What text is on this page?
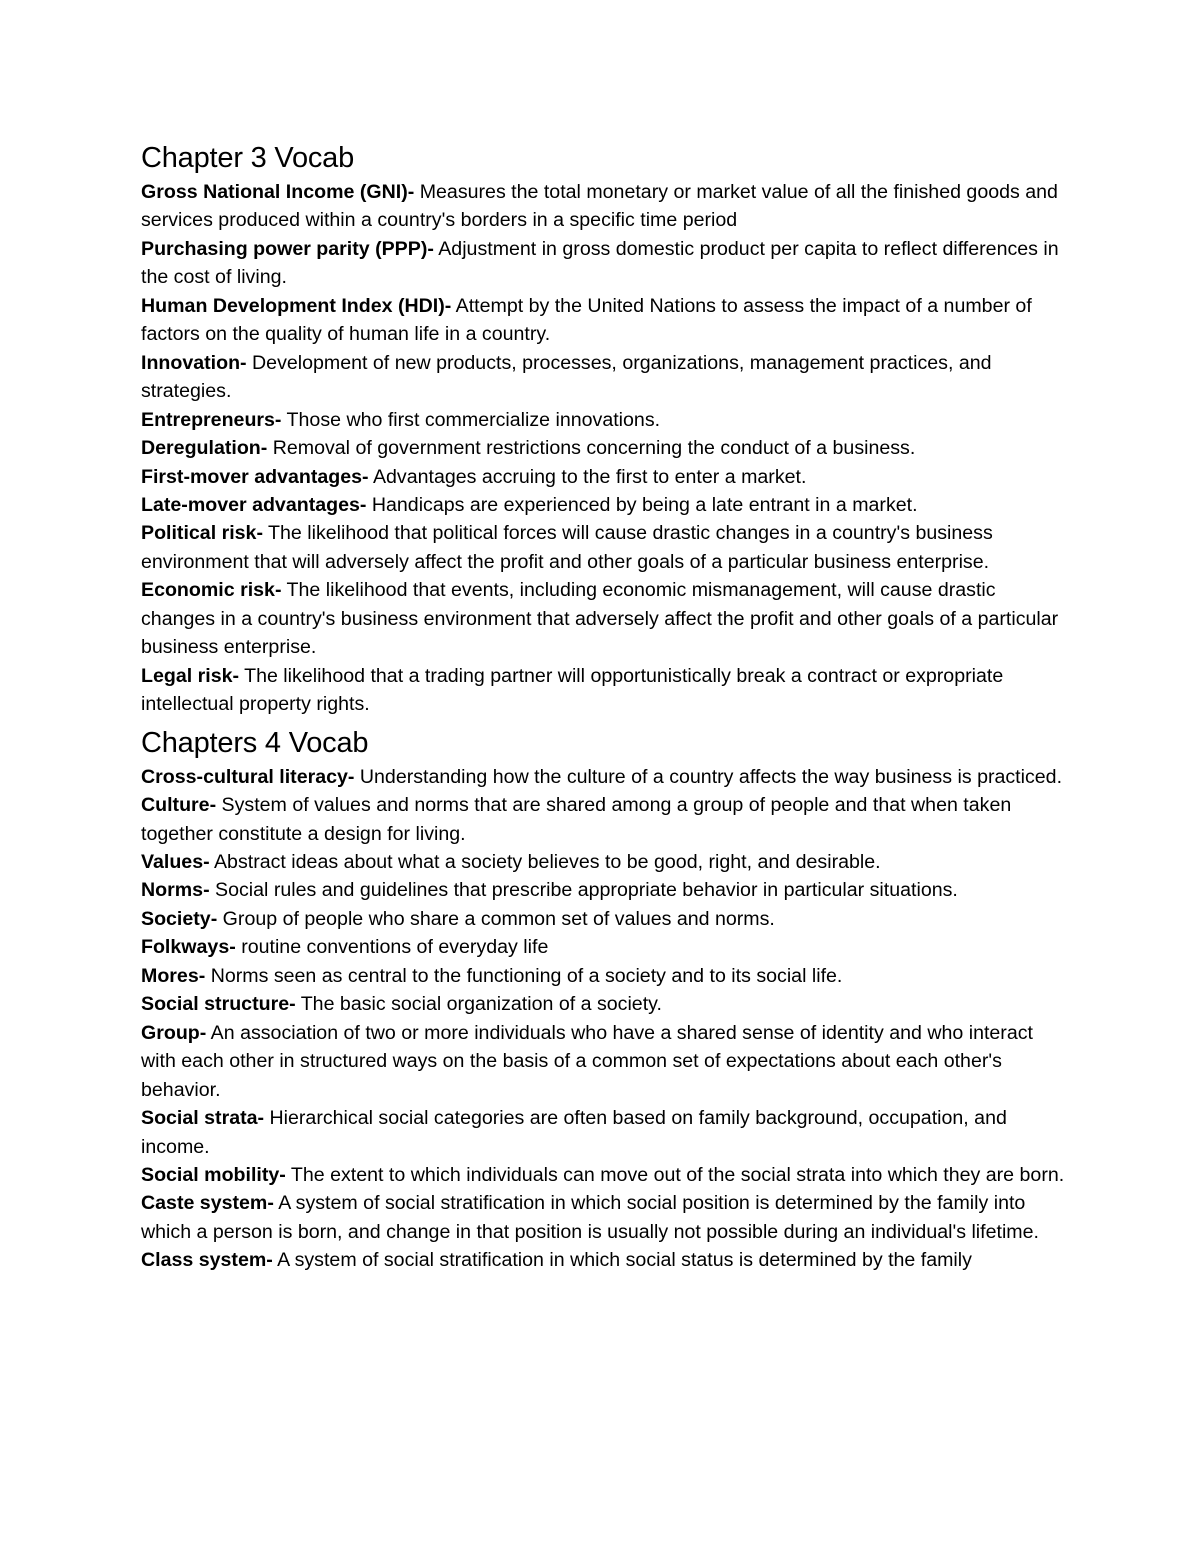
Chapter 3 Vocab

Gross National Income (GNI)- Measures the total monetary or market value of all the finished goods and services produced within a country's borders in a specific time period

Purchasing power parity (PPP)- Adjustment in gross domestic product per capita to reflect differences in the cost of living.

Human Development Index (HDI)- Attempt by the United Nations to assess the impact of a number of factors on the quality of human life in a country.

Innovation- Development of new products, processes, organizations, management practices, and strategies.

Entrepreneurs- Those who first commercialize innovations.

Deregulation- Removal of government restrictions concerning the conduct of a business.

First-mover advantages- Advantages accruing to the first to enter a market.

Late-mover advantages- Handicaps are experienced by being a late entrant in a market.

Political risk- The likelihood that political forces will cause drastic changes in a country's business environment that will adversely affect the profit and other goals of a particular business enterprise.

Economic risk- The likelihood that events, including economic mismanagement, will cause drastic changes in a country's business environment that adversely affect the profit and other goals of a particular business enterprise.

Legal risk- The likelihood that a trading partner will opportunistically break a contract or expropriate intellectual property rights.

Chapters 4 Vocab

Cross-cultural literacy- Understanding how the culture of a country affects the way business is practiced.

Culture- System of values and norms that are shared among a group of people and that when taken together constitute a design for living.

Values- Abstract ideas about what a society believes to be good, right, and desirable.

Norms- Social rules and guidelines that prescribe appropriate behavior in particular situations.

Society- Group of people who share a common set of values and norms.

Folkways- routine conventions of everyday life

Mores- Norms seen as central to the functioning of a society and to its social life.

Social structure- The basic social organization of a society.

Group- An association of two or more individuals who have a shared sense of identity and who interact with each other in structured ways on the basis of a common set of expectations about each other's behavior.

Social strata- Hierarchical social categories are often based on family background, occupation, and income.

Social mobility- The extent to which individuals can move out of the social strata into which they are born.

Caste system- A system of social stratification in which social position is determined by the family into which a person is born, and change in that position is usually not possible during an individual's lifetime.

Class system- A system of social stratification in which social status is determined by the family
